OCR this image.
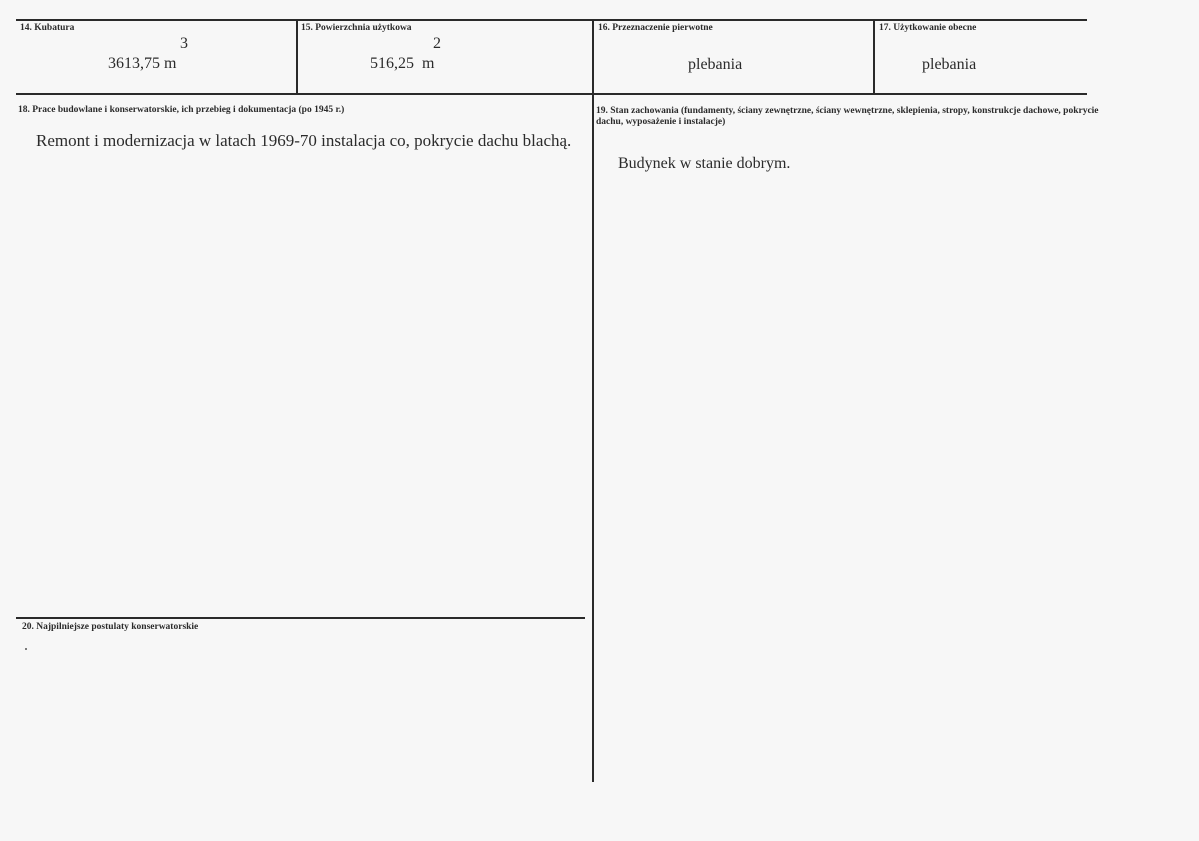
14. Kubatura
3
3613,75 m
15. Powierzchnia użytkowa
2
516,25  m
16. Przeznaczenie pierwotne
plebania
17. Użytkowanie obecne
plebania
18. Prace budowlane i konserwatorskie, ich przebieg i dokumentacja (po 1945 r.)
Remont i modernizacja w latach 1969-70 instalacja co, pokrycie dachu blachą.
19. Stan zachowania (fundamenty, ściany zewnętrzne, ściany wewnętrzne, sklepienia, stropy, konstrukcje dachowe, pokrycie dachu, wyposażenie i instalacje)
Budynek w stanie dobrym.
20. Najpilniejsze postulaty konserwatorskie
